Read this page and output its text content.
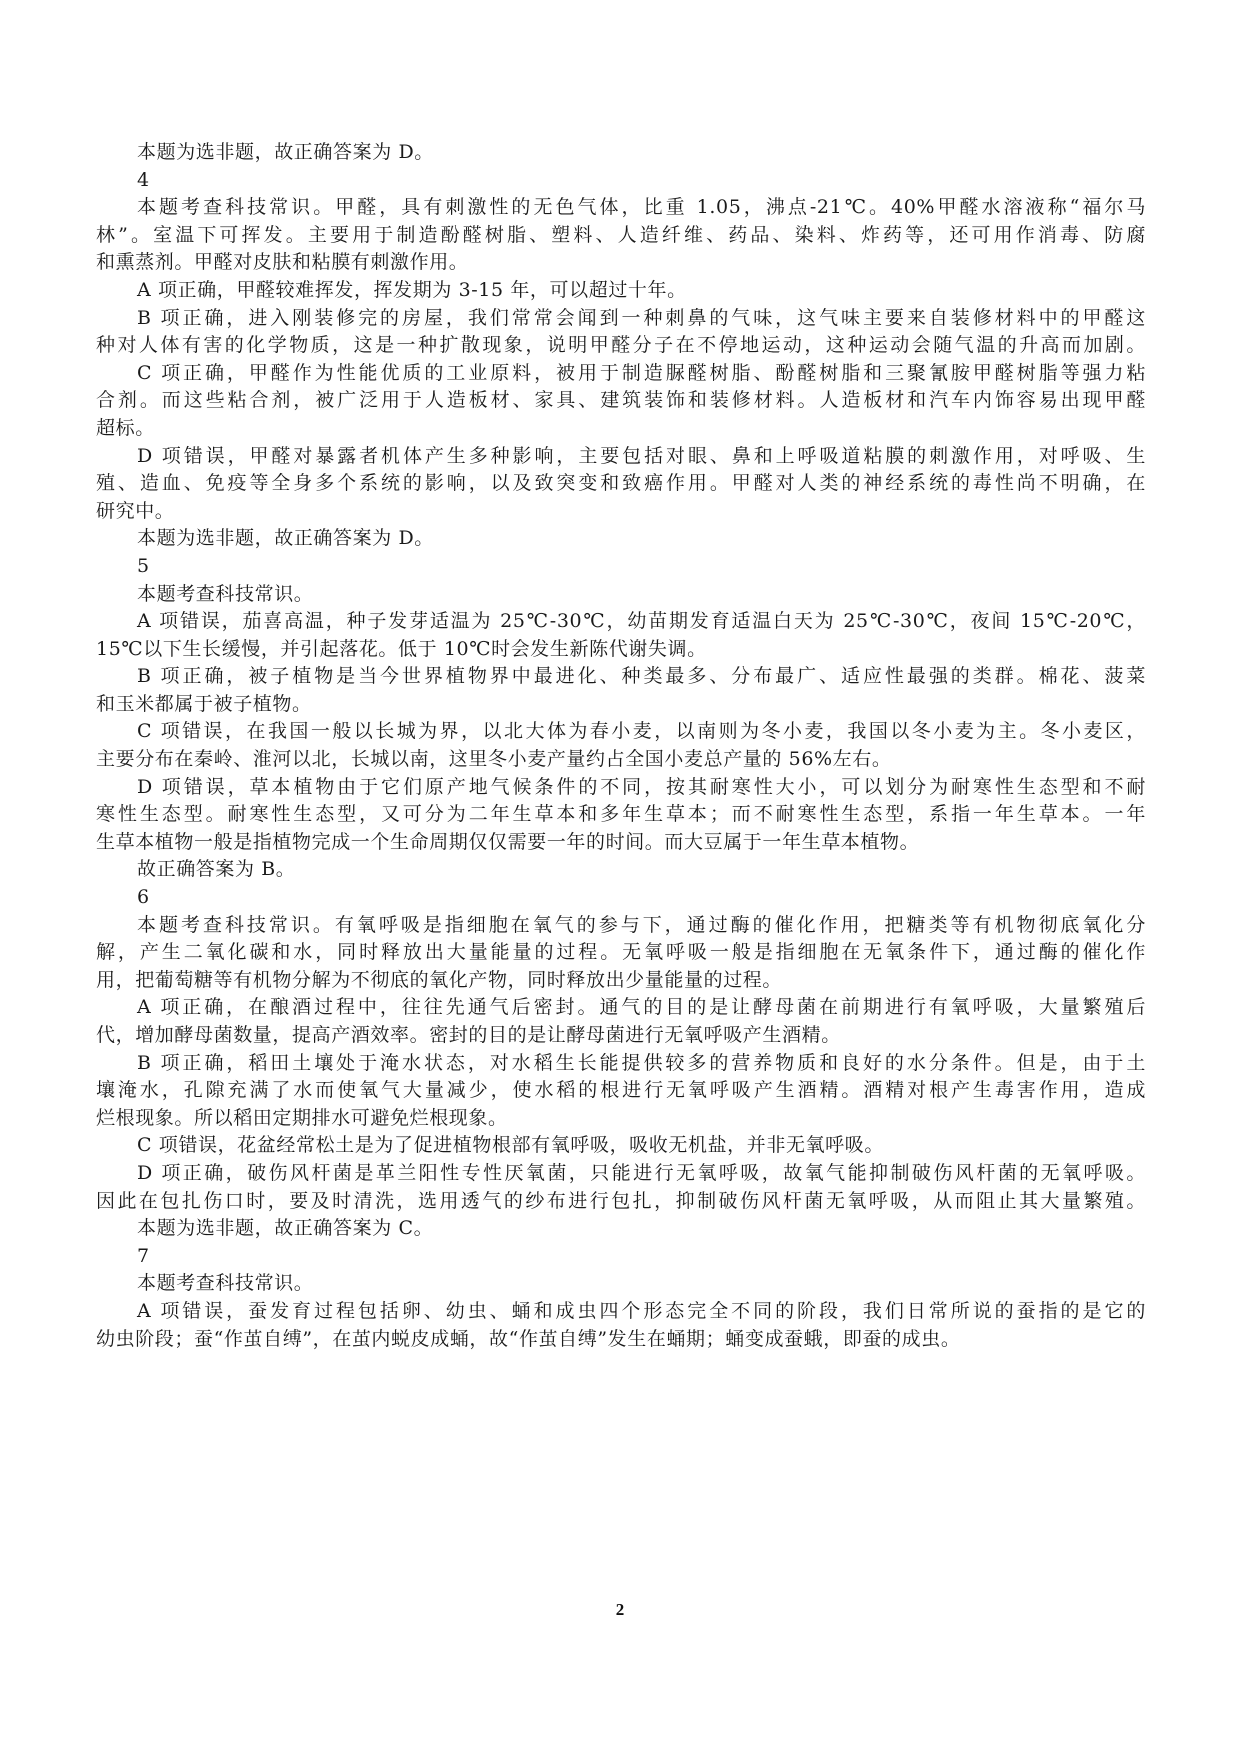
本题为选非题，故正确答案为 D。
4
本题考查科技常识。甲醛，具有刺激性的无色气体，比重 1.05，沸点-21℃。40%甲醛水溶液称“福尔马
林”。室温下可挥发。主要用于制造酚醛树脂、塑料、人造纤维、药品、染料、炸药等，还可用作消毒、防腐
和熏蒸剂。甲醛对皮肤和粘膜有刺激作用。
A 项正确，甲醛较难挥发，挥发期为 3-15 年，可以超过十年。
B 项正确，进入刚装修完的房屋，我们常常会闻到一种刺鼻的气味，这气味主要来自装修材料中的甲醛这
种对人体有害的化学物质，这是一种扩散现象，说明甲醛分子在不停地运动，这种运动会随气温的升高而加剧。
C 项正确，甲醛作为性能优质的工业原料，被用于制造脲醛树脂、酚醛树脂和三聚氰胺甲醛树脂等强力粘
合剂。而这些粘合剂，被广泛用于人造板材、家具、建筑装饰和装修材料。人造板材和汽车内饰容易出现甲醛
超标。
D 项错误，甲醛对暴露者机体产生多种影响，主要包括对眼、鼻和上呼吸道粘膜的刺激作用，对呼吸、生
殖、造血、免疫等全身多个系统的影响，以及致突变和致癌作用。甲醛对人类的神经系统的毒性尚不明确，在
研究中。
本题为选非题，故正确答案为 D。
5
本题考查科技常识。
A 项错误，茄喜高温，种子发芽适温为 25℃-30℃，幼苗期发育适温白天为 25℃-30℃，夜间 15℃-20℃，
15℃以下生长缓慢，并引起落花。低于 10℃时会发生新陈代谢失调。
B 项正确，被子植物是当今世界植物界中最进化、种类最多、分布最广、适应性最强的类群。棉花、菠菜
和玉米都属于被子植物。
C 项错误，在我国一般以长城为界，以北大体为春小麦，以南则为冬小麦，我国以冬小麦为主。冬小麦区，
主要分布在秦岭、淮河以北，长城以南，这里冬小麦产量约占全国小麦总产量的 56%左右。
D 项错误，草本植物由于它们原产地气候条件的不同，按其耐寒性大小，可以划分为耐寒性生态型和不耐
寒性生态型。耐寒性生态型，又可分为二年生草本和多年生草本；而不耐寒性生态型，系指一年生草本。一年
生草本植物一般是指植物完成一个生命周期仅仅需要一年的时间。而大豆属于一年生草本植物。
故正确答案为 B。
6
本题考查科技常识。有氧呼吸是指细胞在氧气的参与下，通过酶的催化作用，把糖类等有机物彻底氧化分
解，产生二氧化碳和水，同时释放出大量能量的过程。无氧呼吸一般是指细胞在无氧条件下，通过酶的催化作
用，把葡萄糖等有机物分解为不彻底的氧化产物，同时释放出少量能量的过程。
A 项正确，在酿酒过程中，往往先通气后密封。通气的目的是让酵母菌在前期进行有氧呼吸，大量繁殖后
代，增加酵母菌数量，提高产酒效率。密封的目的是让酵母菌进行无氧呼吸产生酒精。
B 项正确，稻田土壤处于淹水状态，对水稻生长能提供较多的营养物质和良好的水分条件。但是，由于土
壤淹水，孔隙充满了水而使氧气大量减少，使水稻的根进行无氧呼吸产生酒精。酒精对根产生毒害作用，造成
烂根现象。所以稻田定期排水可避免烂根现象。
C 项错误，花盆经常松土是为了促进植物根部有氧呼吸，吸收无机盐，并非无氧呼吸。
D 项正确，破伤风杆菌是革兰阳性专性厌氧菌，只能进行无氧呼吸，故氧气能抑制破伤风杆菌的无氧呼吸。
因此在包扎伤口时，要及时清洗，选用透气的纱布进行包扎，抑制破伤风杆菌无氧呼吸，从而阻止其大量繁殖。
本题为选非题，故正确答案为 C。
7
本题考查科技常识。
A 项错误，蚕发育过程包括卵、幼虫、蛹和成虫四个形态完全不同的阶段，我们日常所说的蚕指的是它的
幼虫阶段；蚕“作茧自缚”，在茧内蜕皮成蛹，故“作茧自缚”发生在蛹期；蛹变成蚕蛾，即蚕的成虫。
2
